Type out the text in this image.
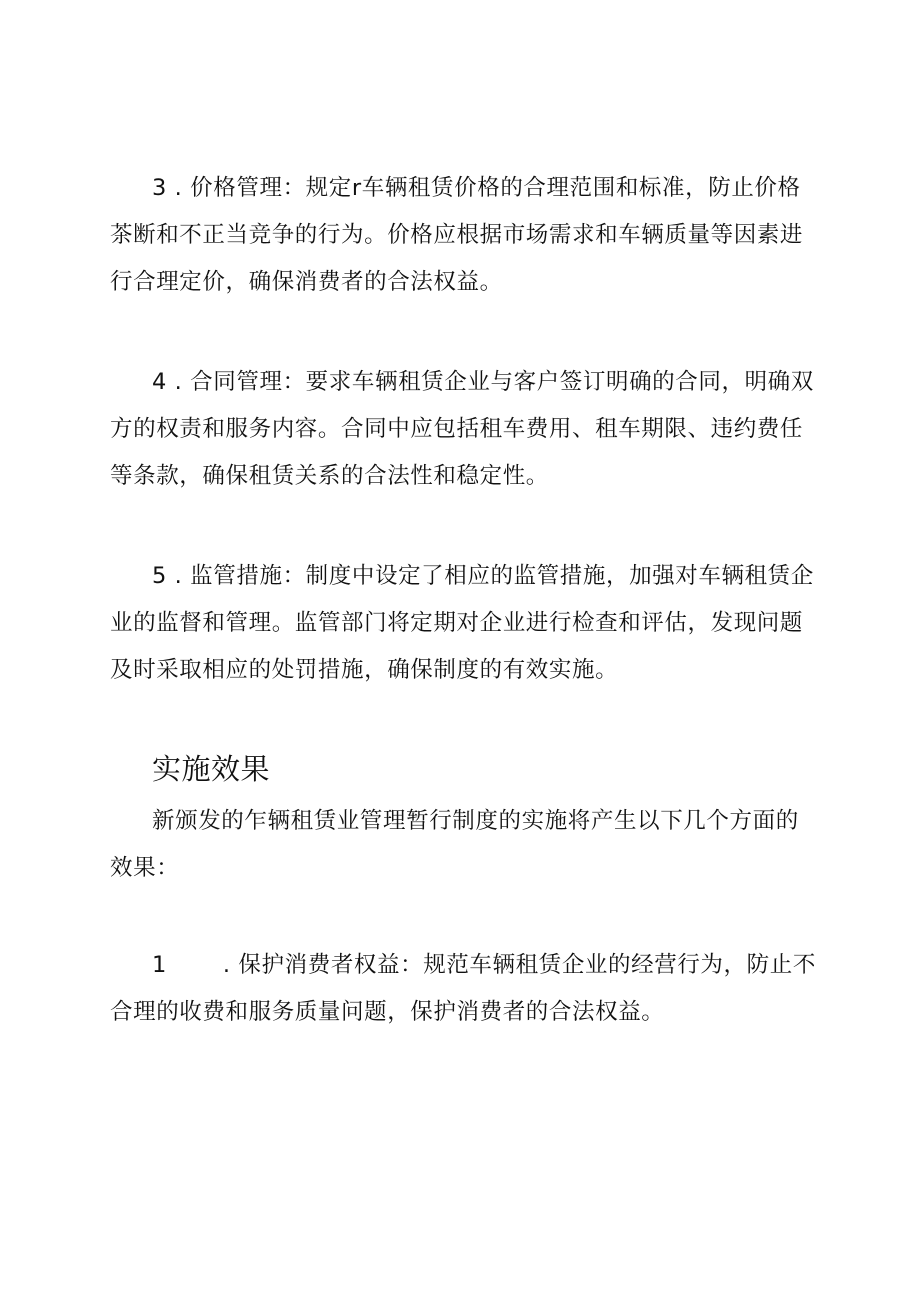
3 . 价格管理：规定r车辆租赁价格的合理范围和标准，防止价格
茶断和不正当竞争的行为。价格应根据市场需求和车辆质量等因素进
行合理定价，确保消费者的合法权益。
4 . 合同管理：要求车辆租赁企业与客户签订明确的合同，明确双
方的权责和服务内容。合同中应包括租车费用、租车期限、违约费任
等条款，确保租赁关系的合法性和稳定性。
5 . 监管措施：制度中设定了相应的监管措施，加强对车辆租赁企
业的监督和管理。监管部门将定期对企业进行检查和评估，发现问题
及时采取相应的处罚措施，确保制度的有效实施。
实施效果
新颁发的乍辆租赁业管理暂行制度的实施将产生以下几个方面的
效果：
1 . 保护消费者权益：规范车辆租赁企业的经营行为，防止不
合理的收费和服务质量问题，保护消费者的合法权益。
